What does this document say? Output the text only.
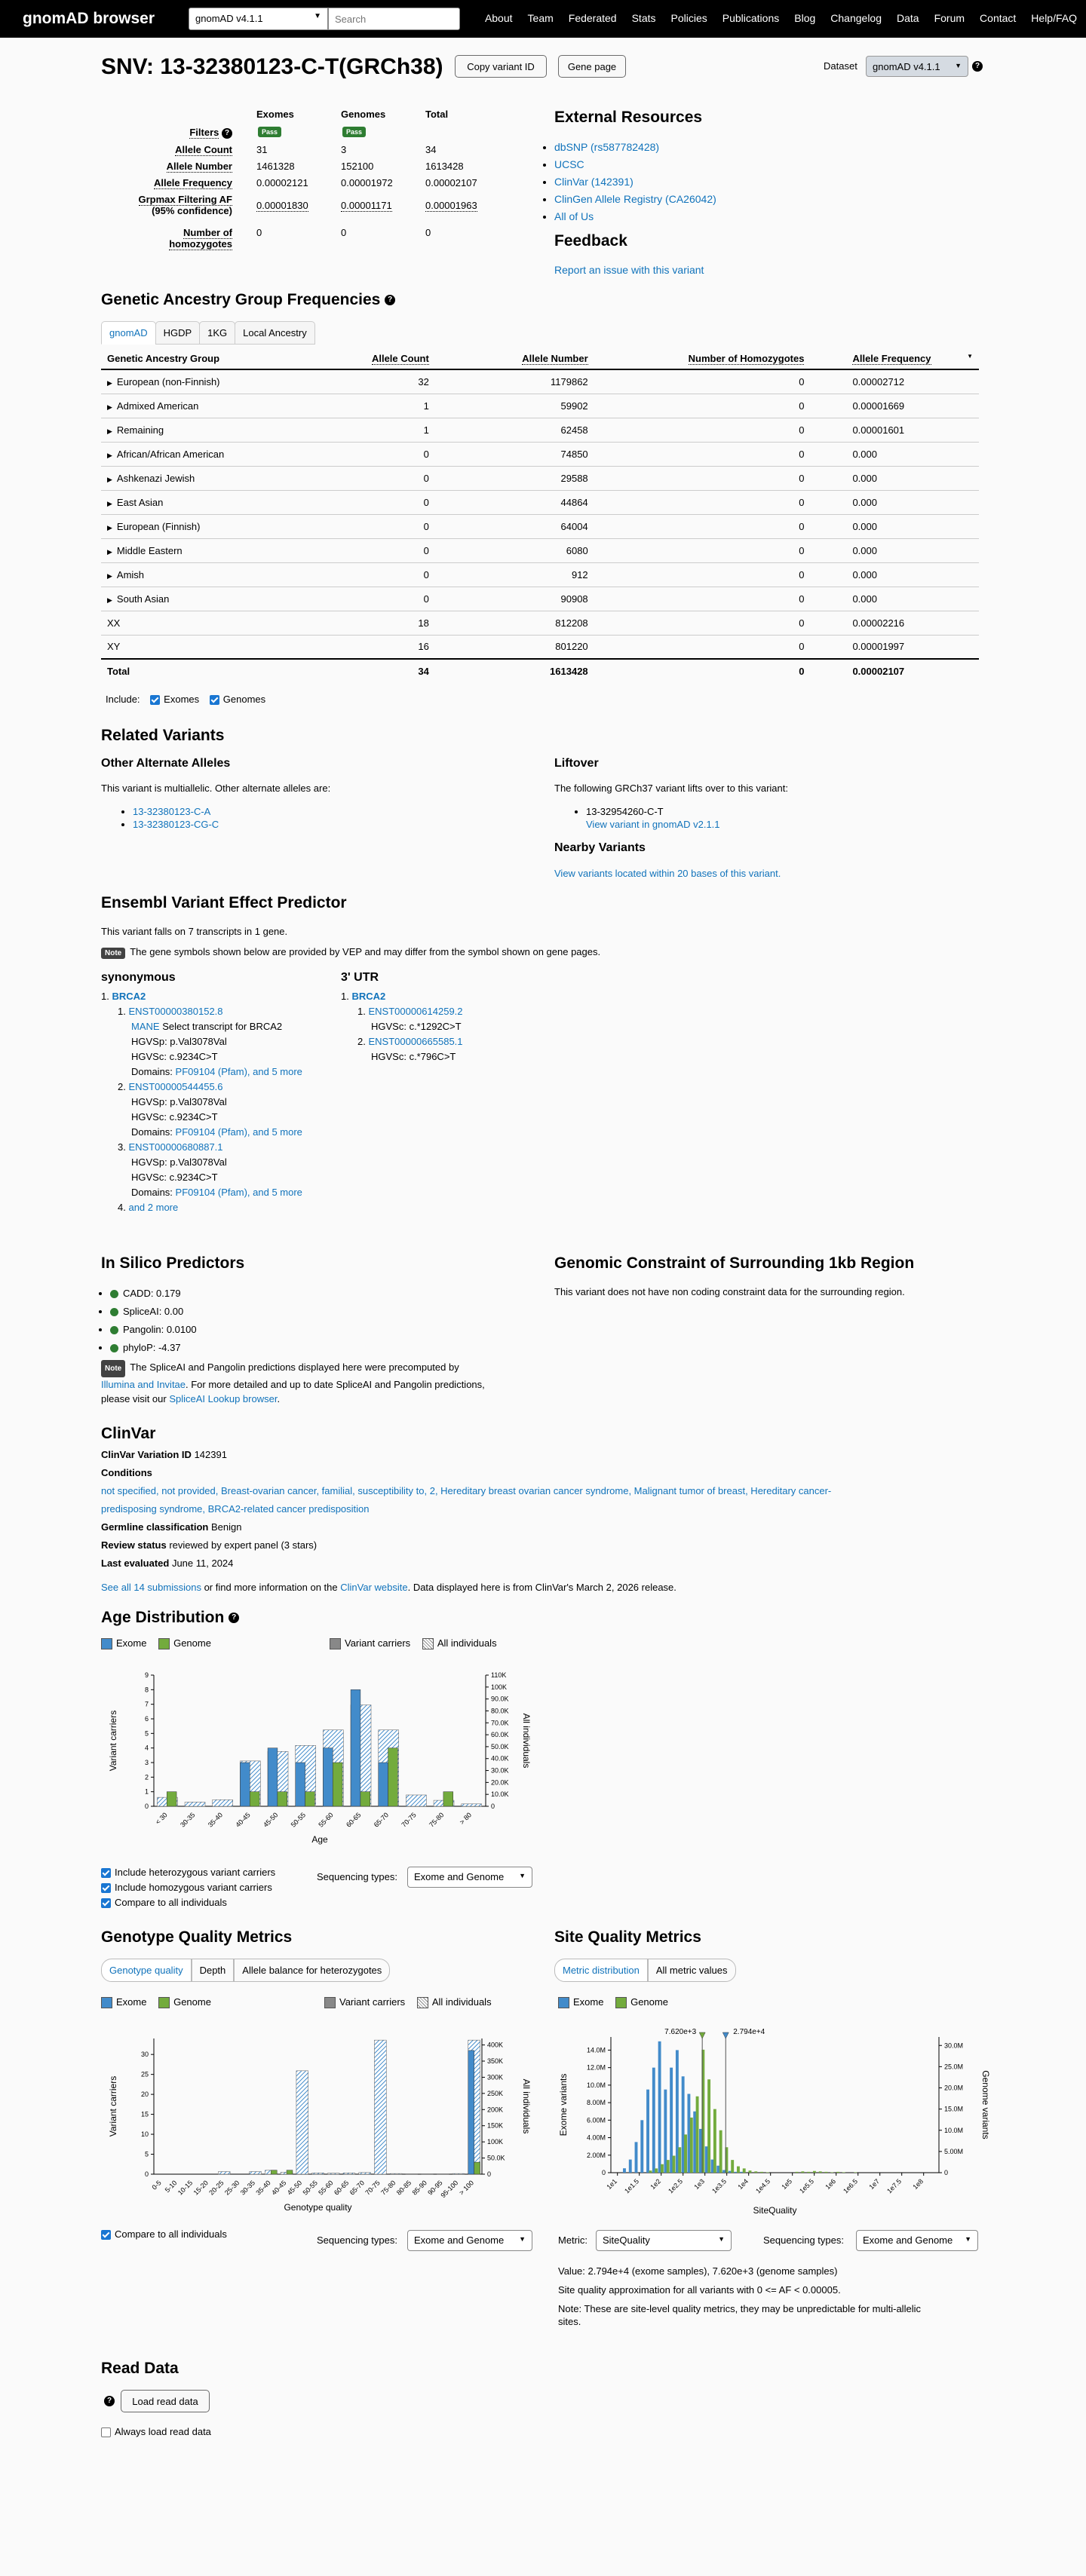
gnomAD browser	gnomAD v4.1.1	▼
Search	About Team Federated Stats Policies Publications Blog Changelog Data Forum Contact Help/FAQ
SNV: 13-32380123-C-T(GRCh38)	Copy variant ID	Gene page	Dataset	gnomAD v4.1.1 ▼	?
Exomes	Genomes	Total
Filters ?	Pass	Pass
Allele Count 31	3	34
Allele Number 1461328	152100	1613428
Allele Frequency 0.00002121	0.00001972	0.00002107
Grpmax Filtering AF
(95% confidence) 0.00001830	0.00001171	0.00001963
Number of homozygotes
0	0	0
External Resources
• dbSNP (rs587782428)
• UCSC
• ClinVar (142391)
• ClinGen Allele Registry (CA26042)
• All of Us
Feedback
Report an issue with this variant
Genetic Ancestry Group Frequencies ?
gnomAD	HGDP	1KG	Local Ancestry
Genetic Ancestry Group	Allele Count	Allele Number	Number of Homozygotes	Allele Frequency ▼

▶ European (non-Finnish)	32	1179862	0	0.00002712
▶ Admixed American	1	59902	0	0.00001669
▶ Remaining	1	62458	0	0.00001601
▶ African/African American	0	74850	0	0.000
▶ Ashkenazi Jewish	0	29588	0	0.000
▶ East Asian	0	44864	0	0.000
▶ European (Finnish)	0	64004	0	0.000
▶ Middle Eastern	0	6080	0	0.000
▶ Amish	0	912	0	0.000
▶ South Asian	0	90908	0	0.000
XX	18	812208	0	0.00002216
XY	16	801220	0	0.00001997
Total	34	1613428	0	0.00002107
Include: Exomes Genomes
Related Variants
Other Alternate Alleles
This variant is multiallelic. Other alternate alleles are:
• 13-32380123-C-A
• 13-32380123-CG-C
Liftover
The following GRCh37 variant lifts over to this variant:
• 13-32954260-C-T
View variant in gnomAD v2.1.1
Nearby Variants
View variants located within 20 bases of this variant.
Ensembl Variant Effect Predictor
This variant falls on 7 transcripts in 1 gene.
Note The gene symbols shown below are provided by VEP and may differ from the symbol shown on gene pages.
synonymous
1. BRCA2
1. ENST00000380152.8
MANE Select transcript for BRCA2
HGVSp: p.Val3078Val
HGVSc: c.9234C>T
Domains: PF09104 (Pfam), and 5 more
2. ENST00000544455.6
HGVSp: p.Val3078Val
HGVSc: c.9234C>T
Domains: PF09104 (Pfam), and 5 more
3. ENST00000680887.1
HGVSp: p.Val3078Val
HGVSc: c.9234C>T
Domains: PF09104 (Pfam), and 5 more
4. and 2 more
3' UTR
1. BRCA2
1. ENST00000614259.2
HGVSc: c.*1292C>T
2. ENST00000665585.1
HGVSc: c.*796C>T
In Silico Predictors
• CADD: 0.179
• SpliceAI: 0.00
• Pangolin: 0.0100
• phyloP: -4.37
Note The SpliceAI and Pangolin predictions displayed here were precomputed by
Illumina and Invitae. For more detailed and up to date SpliceAI and Pangolin predictions,
please visit our SpliceAI Lookup browser.
Genomic Constraint of Surrounding 1kb Region
This variant does not have non coding constraint data for the surrounding region.
ClinVar
ClinVar Variation ID 142391
Conditions
not specified, not provided, Breast-ovarian cancer, familial, susceptibility to, 2, Hereditary breast ovarian cancer syndrome, Malignant tumor of breast, Hereditary cancer-
predisposing syndrome, BRCA2-related cancer predisposition
Germline classification Benign
Review status reviewed by expert panel (3 stars)
Last evaluated June 11, 2024
See all 14 submissions or find more information on the ClinVar website. Data displayed here is from ClinVar's March 2, 2026 release.
Age Distribution ?
Exome	Genome	Variant carriers	All individuals
0
1
2
3
4
5
6
7
8
9
0
10.0K
20.0K
30.0K
40.0K
50.0K
60.0K
70.0K
80.0K
90.0K
100K
110K
< 30 30-35 35-40 40-45 45-50 50-55 55-60 60-65 65-70 70-75 75-80 > 80
Age
Variant carriers	All individuals
Include heterozygous variant carriers
Include homozygous variant carriers
Compare to all individuals
Sequencing types:	Exome and Genome ▼
Genotype Quality Metrics
Genotype quality	Depth	Allele balance for heterozygotes
Exome	Genome	Variant carriers	All individuals
0
5
10
15
20
25
30
0
50.0K
100K
150K
200K
250K
300K
350K
400K
0-5 5-10
10-15
15-20
20-25
25-30
30-35
35-40
40-45
45-50
50-55
55-60
60-65
65-70
70-75
75-80
80-85
85-90
90-95
95-100
> 100
Genotype quality
Variant carriers	All individuals
Compare to all individuals
Sequencing types:	Exome and Genome ▼
Site Quality Metrics
Metric distribution	All metric values
Exome	Genome
0
2.00M
4.00M
6.00M
8.00M
10.0M
12.0M
14.0M
0
5.00M
10.0M
15.0M
20.0M
25.0M
30.0M
1e1 1e1.5 1e2 1e2.5 1e3 1e3.5 1e4 1e4.5 1e5 1e5.5 1e6 1e6.5 1e7 1e7.5 1e8
7.620e+3	2.794e+4
SiteQuality
Exome variants	Genome variants
Metric:	SiteQuality	▼	Sequencing types:	Exome and Genome ▼
Value: 2.794e+4 (exome samples), 7.620e+3 (genome samples)
Site quality approximation for all variants with 0 <= AF < 0.00005.
Note: These are site-level quality metrics, they may be unpredictable for multi-allelic
sites.
Read Data
?	Load read data
Always load read data
